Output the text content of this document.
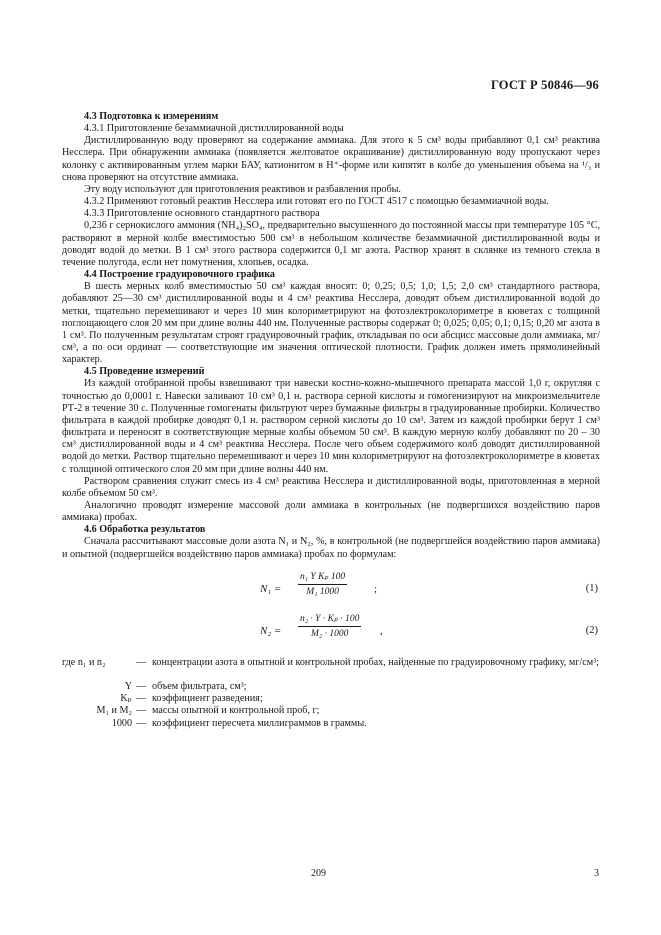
ГОСТ Р 50846—96

4.3 Подготовка к измерениям

4.3.1 Приготовление безаммиачной дистиллированной воды

Дистиллированную воду проверяют на содержание аммиака. Для этого к 5 см³ воды прибавляют 0,1 см³ реактива Несслера. При обнаружении аммиака (появляется желтоватое окрашивание) дистиллированную воду пропускают через колонку с активированным углем марки БАУ, катионитом в H⁺-форме или кипятят в колбе до уменьшения объема на ¹/₃ и снова проверяют на отсутствие аммиака.

Эту воду используют для приготовления реактивов и разбавления пробы.

4.3.2 Применяют готовый реактив Несслера или готовят его по ГОСТ 4517 с помощью безаммиачной воды.

4.3.3 Приготовление основного стандартного раствора

0,236 г сернокислого аммония (NH₄)₂SO₄, предварительно высушенного до постоянной массы при температуре 105 °С, растворяют в мерной колбе вместимостью 500 см³ в небольшом количестве безаммиачной дистиллированной воды и доводят водой до метки. В 1 см³ этого раствора содержится 0,1 мг азота. Раствор хранят в склянке из темного стекла в течение полугода, если нет помутнения, хлопьев, осадка.

4.4 Построение градуировочного графика

В шесть мерных колб вместимостью 50 см³ каждая вносят: 0; 0,25; 0,5; 1,0; 1,5; 2,0 см³ стандартного раствора, добавляют 25—30 см³ дистиллированной воды и 4 см³ реактива Несслера, доводят объем дистиллированной водой до метки, тщательно перемешивают и через 10 мин колориметрируют на фотоэлектроколориметре в кюветах с толщиной поглощающего слоя 20 мм при длине волны 440 нм. Полученные растворы содержат 0; 0,025; 0,05; 0,1; 0,15; 0,20 мг азота в 1 см³. По полученным результатам строят градуировочный график, откладывая по оси абсцисс массовые доли аммиака, мг/см³, а по оси ординат — соответствующие им значения оптической плотности. График должен иметь прямолинейный характер.

4.5 Проведение измерений

Из каждой отобранной пробы взвешивают три навески костно-кожно-мышечного препарата массой 1,0 г, округляя с точностью до 0,0001 г. Навески заливают 10 см³ 0,1 н. раствора серной кислоты и гомогенизируют на микроизмельчителе РТ-2 в течение 30 с. Полученные гомогенаты фильтруют через бумажные фильтры в градуированные пробирки. Количество фильтрата в каждой пробирке доводят 0,1 н. раствором серной кислоты до 10 см³. Затем из каждой пробирки берут 1 см³ фильтрата и переносят в соответствующие мерные колбы объемом 50 см³. В каждую мерную колбу добавляют по 20 – 30 см³ дистиллированной воды и 4 см³ реактива Несслера. После чего объем содержимого колб доводят дистиллированной водой до метки. Раствор тщательно перемешивают и через 10 мин колориметрируют на фотоэлектроколориметре в кюветах с толщиной оптического слоя 20 мм при длине волны 440 нм.

Раствором сравнения служит смесь из 4 см³ реактива Несслера и дистиллированной воды, приготовленная в мерной колбе объемом 50 см³.

Аналогично проводят измерение массовой доли аммиака в контрольных (не подвергшихся воздействию паров аммиака) пробах.

4.6 Обработка результатов

Сначала рассчитывают массовые доли азота N₁ и N₂, %, в контрольной (не подвергшейся воздействию паров аммиака) и опытной (подвергшейся воздействию паров аммиака) пробах по формулам:

$N_1 = \frac{\text{n₁ Y Kₚ 100}}{\text{M₁ 1000}}$ ;	(1)
$N_2 = \frac{\text{n₂ · Y · Kₚ · 100}}{\text{M₂ · 1000}}$ ,	(2)
где n₁ и n₂	— концентрации азота в опытной и контрольной пробах, найденные по градуировочному графику, мг/см³;
Y — объем фильтрата, см³;
Kₚ — коэффициент разведения;
M₁ и M₂ — массы опытной и контрольной проб, г;
1000 — коэффициент пересчета миллиграммов в граммы.
209	3
